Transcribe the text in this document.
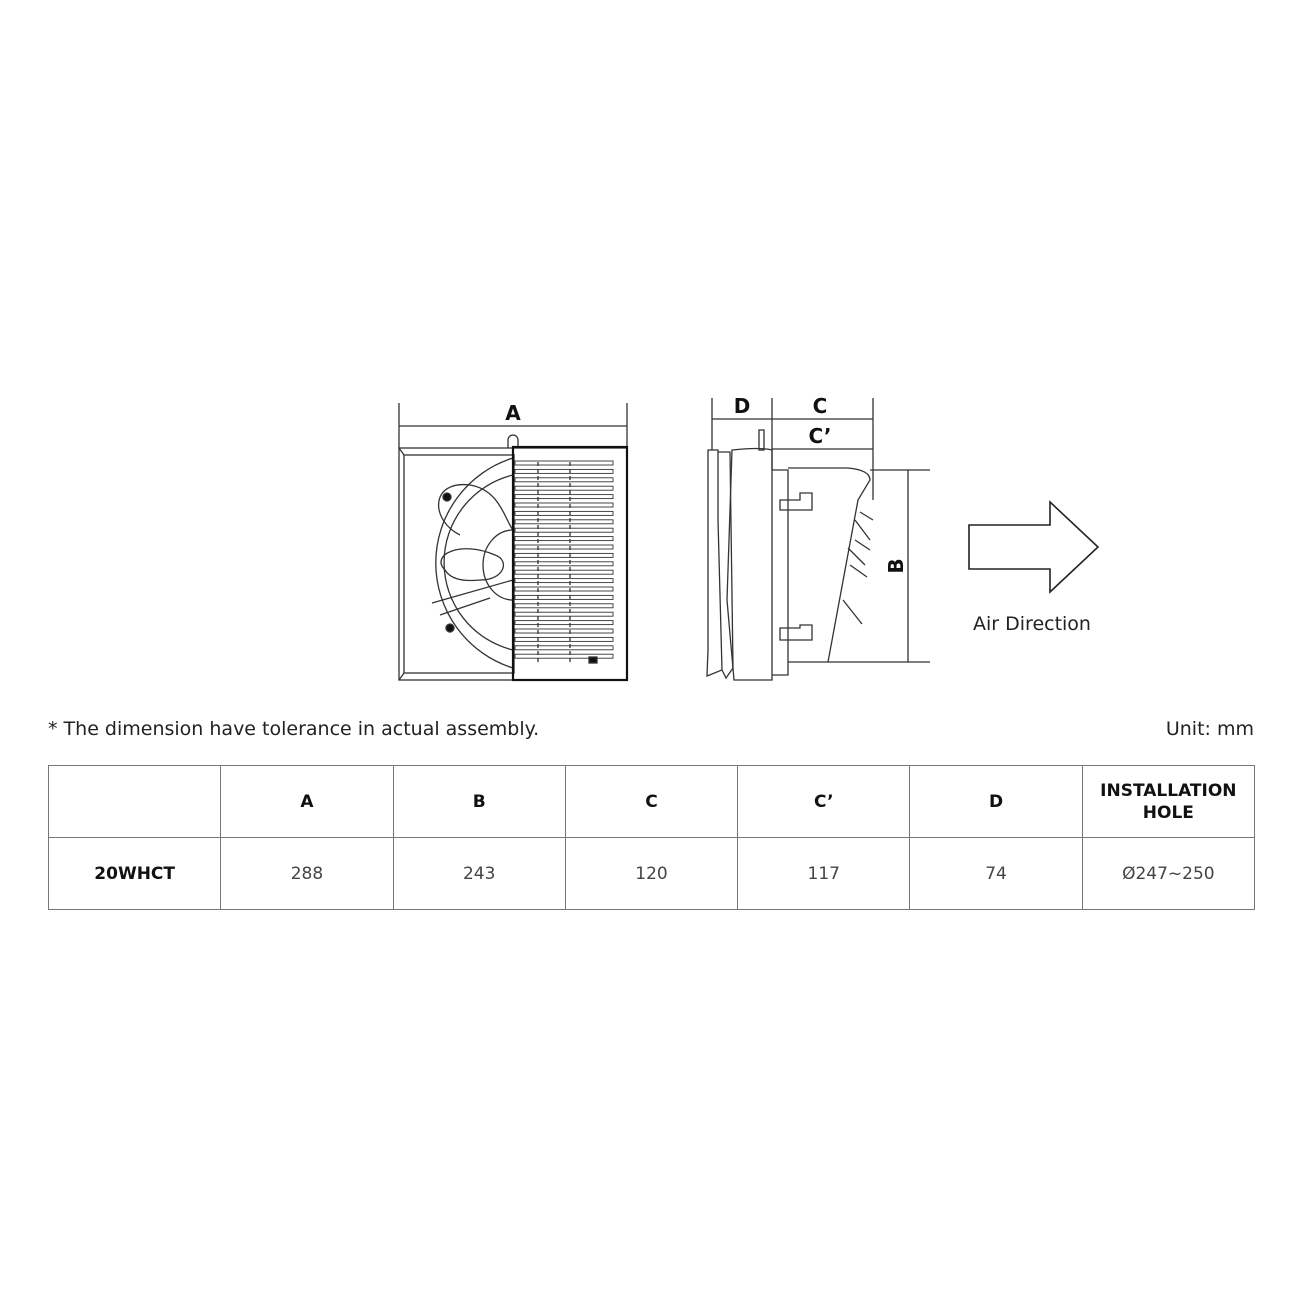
A	D	C
C’
B
Air Direction
* The dimension have tolerance in actual assembly.	Unit: mm
	A	B	C	C’	D	INSTALLATION HOLE
20WHCT	288	243	120	117	74	Ø247~250
